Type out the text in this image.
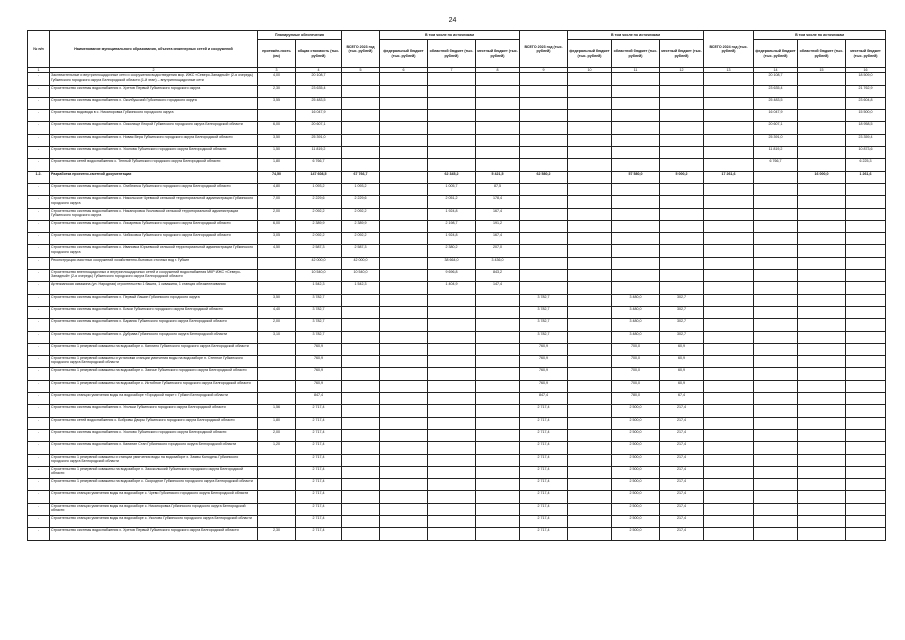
24
№ п/п	Наименование муниципального образования, объекта инженерных сетей и сооружений	Планируемые обеспечения		ВСЕГО 2023 год (тыс. рублей)	В том числе по источникам			ВСЕГО 2023 год (тыс. рублей)	В том числе по источникам			ВСЕГО 2024 год (тыс. рублей)	В том числе по источникам			
		протяжён-ность (км)	общая стоимость (тыс. рублей)		федеральный бюджет (тыс. рублей)	областной бюджет (тыс. рублей)	местный бюджет (тыс. рублей)		федеральный бюджет (тыс. рублей)	областной бюджет (тыс. рублей)	местный бюджет (тыс. рублей)		федеральный бюджет (тыс. рублей)	областной бюджет (тыс. рублей)	местный бюджет (тыс. рублей)	

1	2	3	4	5	6	7	8	9	10	11	12	13	14	15	16	
-	Заключительные и внутриплощадочные сети и сооружения водоотведения мкр. ИЖС «Северо-Западный» (2-я очередь) Губкинского городского округа Белгородской области (1-й этап) – внутриплощадочные сети	4,00	20 108,7										20 108,7		18 509,0	
-	Строительство системы водоснабжения х. Хретов Первый Губкинского городского округа	2,30	23 635,4										23 635,4		21 762,9	
-	Строительство системы водоснабжения х. Околбушский Губкинского городского округа	3,55	25 483,5										25 483,5		23 604,8	
-	Строительство водовода в с. Никаноровка Губкинского городского округа		16 047,9										16 047,9		15 500,0	
-	Строительство системы водоснабжения х. Осколище Второй Губкинского городского округа Белгородской области	6,00	20 607,1										20 607,1		18 958,5	
-	Строительство системы водоснабжения х. Новая Вера Губкинского городского округа Белгородской области	3,50	25 391,0										25 391,0		23 359,4	
-	Строительство системы водоснабжения х. Уколова Губкинского городского округа Белгородской области	1,50	11 819,2										11 819,2		10 873,6	
-	Строительство сетей водоснабжения с. Теплый Губкинского городского округа Белгородской области	1,80	6 766,7										6 766,7		6 225,3	
1.2.	Разработка проектно-сметной документации	74,50	147 608,5	67 766,7		62 345,2	5 421,5	62 580,2		57 580,0	5 000,2	17 261,6		16 000,0	1 261,6	
-	Строительство системы водоснабжения с. Огибнянка Губкинского городского округа Белгородской области	4,80	1 093,2	1 093,2		1 005,7	87,5									
-	Строительство системы водоснабжения с. Никольское Чуевской сельской территориальной администрации Губкинского городского округа	7,00	2 229,6	2 229,6		2 051,2	178,4									
-	Строительство системы водоснабжения с. Никаноровка Уколовской сельской территориальной администрации Губкинского городского округа	2,00	2 092,2	2 092,2		1 924,8	167,4									
-	Строительство системы водоснабжения с. Лисаревка Губкинского городского округа Белгородской области	6,00	2 389,9	2 389,9		2 198,7	191,2									
-	Строительство системы водоснабжения с. Чибисовка Губкинского городского округа Белгородской области	3,05	2 092,2	2 092,2		1 924,8	167,4									
-	Строительство системы водоснабжения с. Ивановка Юрьевской сельской территориальной администрации Губкинского городского округа	4,50	2 587,3	2 587,3		2 380,2	207,0									
-	Реконструкция очистных сооружений хозяйственно-бытовых сточных вод г. Губкин		42 000,0	42 000,0		38 664,0	3 436,0									
-	Строительство внеплощадочных и внутриплощадочных сетей и сооружений водоснабжения МКР ИЖС «Северо-Западный» (2-я очередь) Губкинского городского округа Белгородской области		10 540,0	10 540,0		9 696,8	843,2									
-	Артезианская скважина (ул. Народная) строительство 1 башня, 1 скважина, 1 станция обезжелезивания		1 542,3	1 542,3		1 404,9	147,4									
-	Строительство системы водоснабжения х. Первый Лашин Губкинского городского округа	3,50	3 782,7					3 782,7		3 480,0	302,7					
-	Строительство системы водоснабжения х. Бочки Губкинского городского округа Белгородской области	4,40	3 782,7					3 782,7		3 480,0	302,7					
-	Строительство системы водоснабжения х. Бараник Губкинского городского округа Белгородской области	2,00	3 782,7					3 782,7		3 480,0	302,7					
-	Строительство системы водоснабжения х. Дубрава Губкинского городского округа Белгородской области	3,10	3 782,7					3 782,7		3 480,0	302,7					
-	Строительство 1 резервной скважины на водозаборе с. Каплино Губкинского городского округа Белгородской области		760,9					760,9		700,0	60,9					
-	Строительство 1 резервной скважины и установки станции умягчения воды на водозаборе п. Степное Губкинского городского округа Белгородской области		760,9					760,9		700,0	60,9					
-	Строительство 1 резервной скважины на водозаборе с. Заячье Губкинского городского округа Белгородской области		760,9					760,9		700,0	60,9					
-	Строительство 1 резервной скважины на водозаборе с. Истобное Губкинского городского округа Белгородской области		760,9					760,9		700,0	60,9					
-	Строительство станции умягчения воды на водозаборе «Городской парк» г. Губкин Белгородской области		847,4					847,4		780,0	67,4					
-	Строительство системы водоснабжения х. Угольки Губкинского городского округа Белгородской области	1,56	2 717,4					2 717,4		2 500,0	217,4					
-	Строительство сетей водоснабжения с. Бобровы Дворы Губкинского городского округа Белгородской области	1,80	2 717,4					2 717,4		2 500,0	217,4					
-	Строительство системы водоснабжения с. Уколово Губкинского городского округа Белгородской области	2,00	2 717,4					2 717,4		2 500,0	217,4					
-	Строительство системы водоснабжения х. Калинин Стан Губкинского городского округа Белгородской области	1,20	2 717,4					2 717,4		2 500,0	217,4					
-	Строительство 1 резервной скважины и станции умягчения воды на водозаборе х. Заявы Колодезь Губкинского городского округа Белгородской области		2 717,4					2 717,4		2 500,0	217,4					
-	Строительство 1 резервной скважины на водозаборе х. Заоскольский Губкинского городского округа Белгородской области		2 717,4					2 717,4		2 500,0	217,4					
-	Строительство 1 резервной скважины на водозаборе с. Скородное Губкинского городского округа Белгородской области		2 717,4					2 717,4		2 500,0	217,4					
-	Строительство станции умягчения воды на водозаборе с. Чуево Губкинского городского округа Белгородской области		2 717,4					2 717,4		2 500,0	217,4					
-	Строительство станции умягчения воды на водозаборе с. Никаноровка Губкинского городского округа Белгородской области		2 717,4					2 717,4		2 500,0	217,4					
-	Строительство станции умягчения воды на водозаборе с. Уколово Губкинского городского округа Белгородской области		2 717,4					2 717,4		2 500,0	217,4					
-	Строительство системы водоснабжения х. Хретов Первый Губкинского городского округа Белгородской области	2,30	2 717,4					2 717,4		2 500,0	217,4					
